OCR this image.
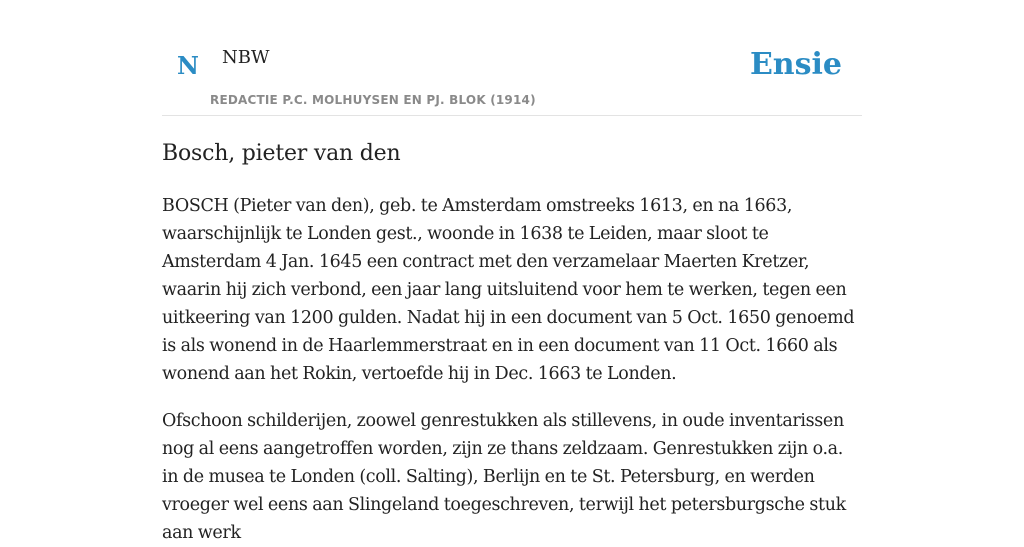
N NBW
REDACTIE P.C. MOLHUYSEN EN PJ. BLOK (1914)
Ensie
Bosch, pieter van den

BOSCH (Pieter van den), geb. te Amsterdam omstreeks 1613, en na 1663, waarschijnlijk te Londen gest., woonde in 1638 te Leiden, maar sloot te Amsterdam 4 Jan. 1645 een contract met den verzamelaar Maerten Kretzer, waarin hij zich verbond, een jaar lang uitsluitend voor hem te werken, tegen een uitkeering van 1200 gulden. Nadat hij in een document van 5 Oct. 1650 genoemd is als wonend in de Haarlemmerstraat en in een document van 11 Oct. 1660 als wonend aan het Rokin, vertoefde hij in Dec. 1663 te Londen.

Ofschoon schilderijen, zoowel genrestukken als stillevens, in oude inventarissen nog al eens aangetroffen worden, zijn ze thans zeldzaam. Genrestukken zijn o.a. in de musea te Londen (coll. Salting), Berlijn en te St. Petersburg, en werden vroeger wel eens aan Slingeland toegeschreven, terwijl het petersburgsche stuk aan werk
